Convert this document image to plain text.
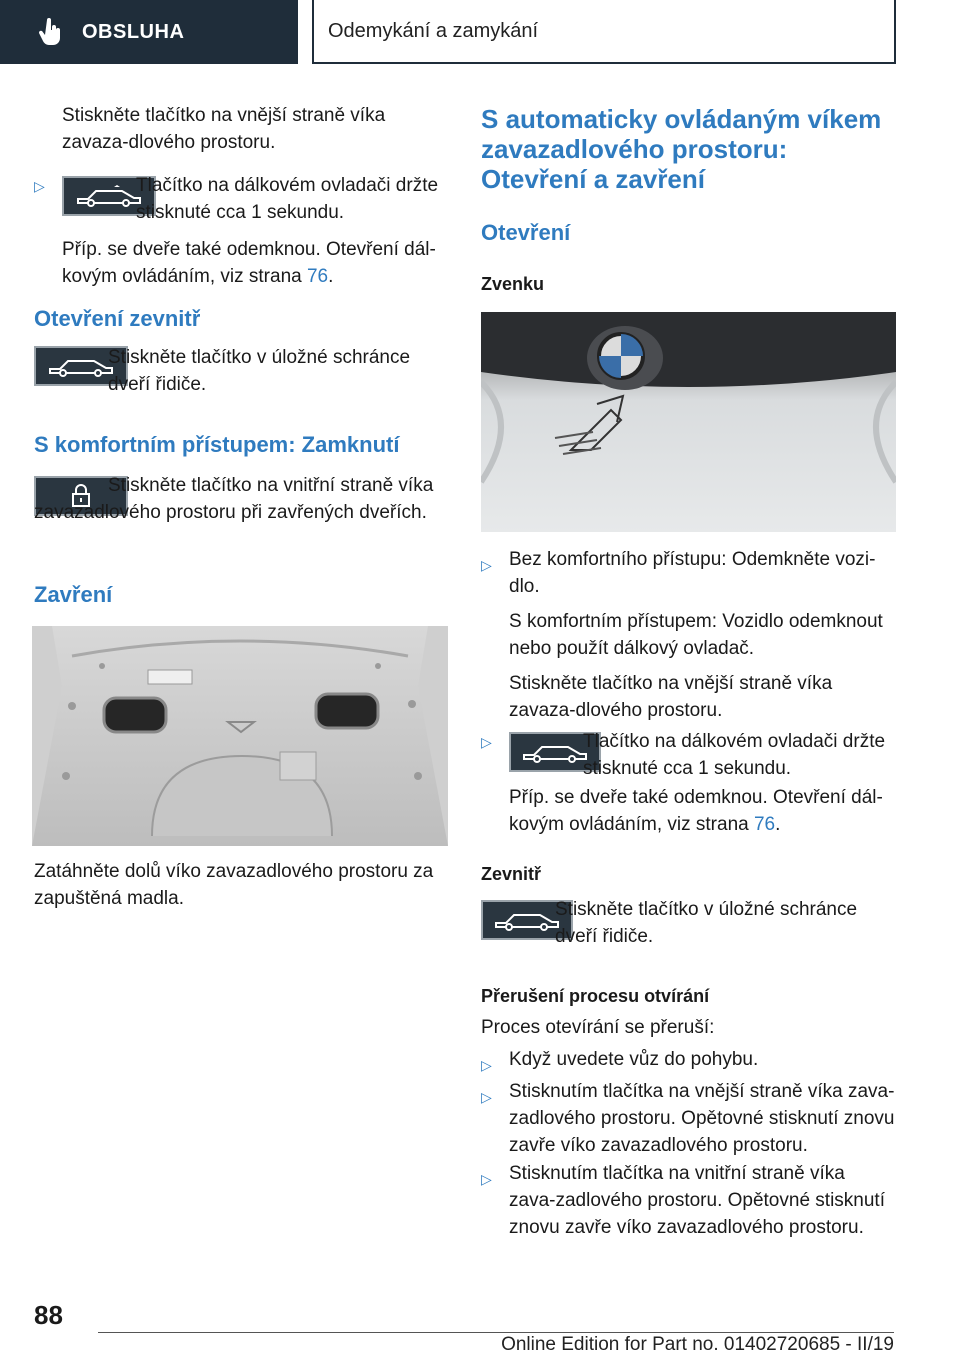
OBSLUHA	Odemykání a zamykání

Stiskněte tlačítko na vnější straně víka zavaza‐dlového prostoru.

▷	Tlačítko na dálkovém ovladači držte stisknuté cca 1 sekundu.

Příp. se dveře také odemknou. Otevření dál‐kovým ovládáním, viz strana 76.

Otevření zevnitř

Stiskněte tlačítko v úložné schránce dveří řidiče.

S komfortním přístupem: Zamknutí

Stiskněte tlačítko na vnitřní straně víka zavazadlového prostoru při zavřených dveřích.

Zavření

Zatáhněte dolů víko zavazadlového prostoru za zapuštěná madla.

S automaticky ovládaným víkem zavazadlového prostoru: Otevření a zavření
Otevření
Zvenku
▷ Bez komfortního přístupu: Odemkněte vozi‐dlo.

S komfortním přístupem: Vozidlo odemknout nebo použít dálkový ovladač.

Stiskněte tlačítko na vnější straně víka zavaza‐dlového prostoru.

▷	Tlačítko na dálkovém ovladači držte stisknuté cca 1 sekundu.

Příp. se dveře také odemknou. Otevření dál‐kovým ovládáním, viz strana 76.

Zevnitř

Stiskněte tlačítko v úložné schránce dveří řidiče.

Přerušení procesu otvírání

Proces otevírání se přeruší:

▷ Když uvedete vůz do pohybu.

▷ Stisknutím tlačítka na vnější straně víka zava‐zadlového prostoru. Opětovné stisknutí znovu zavře víko zavazadlového prostoru.

▷ Stisknutím tlačítka na vnitřní straně víka zava‐zadlového prostoru. Opětovné stisknutí znovu zavře víko zavazadlového prostoru.

88
Online Edition for Part no. 01402720685 - II/19
